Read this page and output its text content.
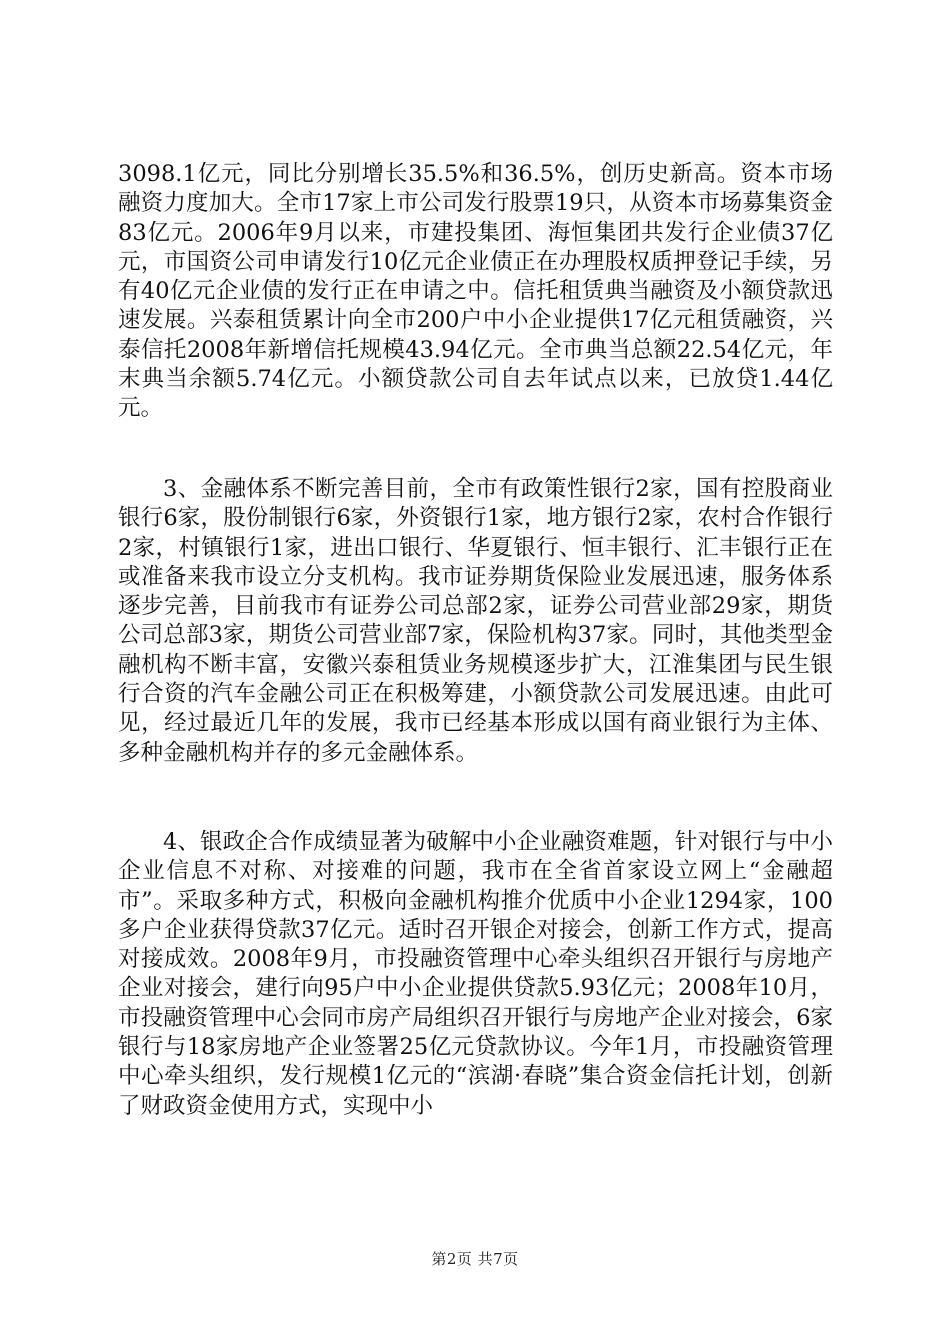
3098.1亿元，同比分别增长35.5%和36.5%，创历史新高。资本市场融资力度加大。全市17家上市公司发行股票19只，从资本市场募集资金83亿元。2006年9月以来，市建投集团、海恒集团共发行企业债37亿元，市国资公司申请发行10亿元企业债正在办理股权质押登记手续，另有40亿元企业债的发行正在申请之中。信托租赁典当融资及小额贷款迅速发展。兴泰租赁累计向全市200户中小企业提供17亿元租赁融资，兴泰信托2008年新增信托规模43.94亿元。全市典当总额22.54亿元，年末典当余额5.74亿元。小额贷款公司自去年试点以来，已放贷1.44亿元。
3、金融体系不断完善目前，全市有政策性银行2家，国有控股商业银行6家，股份制银行6家，外资银行1家，地方银行2家，农村合作银行2家，村镇银行1家，进出口银行、华夏银行、恒丰银行、汇丰银行正在或准备来我市设立分支机构。我市证券期货保险业发展迅速，服务体系逐步完善，目前我市有证券公司总部2家，证券公司营业部29家，期货公司总部3家，期货公司营业部7家，保险机构37家。同时，其他类型金融机构不断丰富，安徽兴泰租赁业务规模逐步扩大，江淮集团与民生银行合资的汽车金融公司正在积极筹建，小额贷款公司发展迅速。由此可见，经过最近几年的发展，我市已经基本形成以国有商业银行为主体、多种金融机构并存的多元金融体系。
4、银政企合作成绩显著为破解中小企业融资难题，针对银行与中小企业信息不对称、对接难的问题，我市在全省首家设立网上“金融超市”。采取多种方式，积极向金融机构推介优质中小企业1294家，100多户企业获得贷款37亿元。适时召开银企对接会，创新工作方式，提高对接成效。2008年9月，市投融资管理中心牵头组织召开银行与房地产企业对接会，建行向95户中小企业提供贷款5.93亿元；2008年10月，市投融资管理中心会同市房产局组织召开银行与房地产企业对接会，6家银行与18家房地产企业签署25亿元贷款协议。今年1月，市投融资管理中心牵头组织，发行规模1亿元的“滨湖·春晓”集合资金信托计划，创新了财政资金使用方式，实现中小
第2页 共7页
